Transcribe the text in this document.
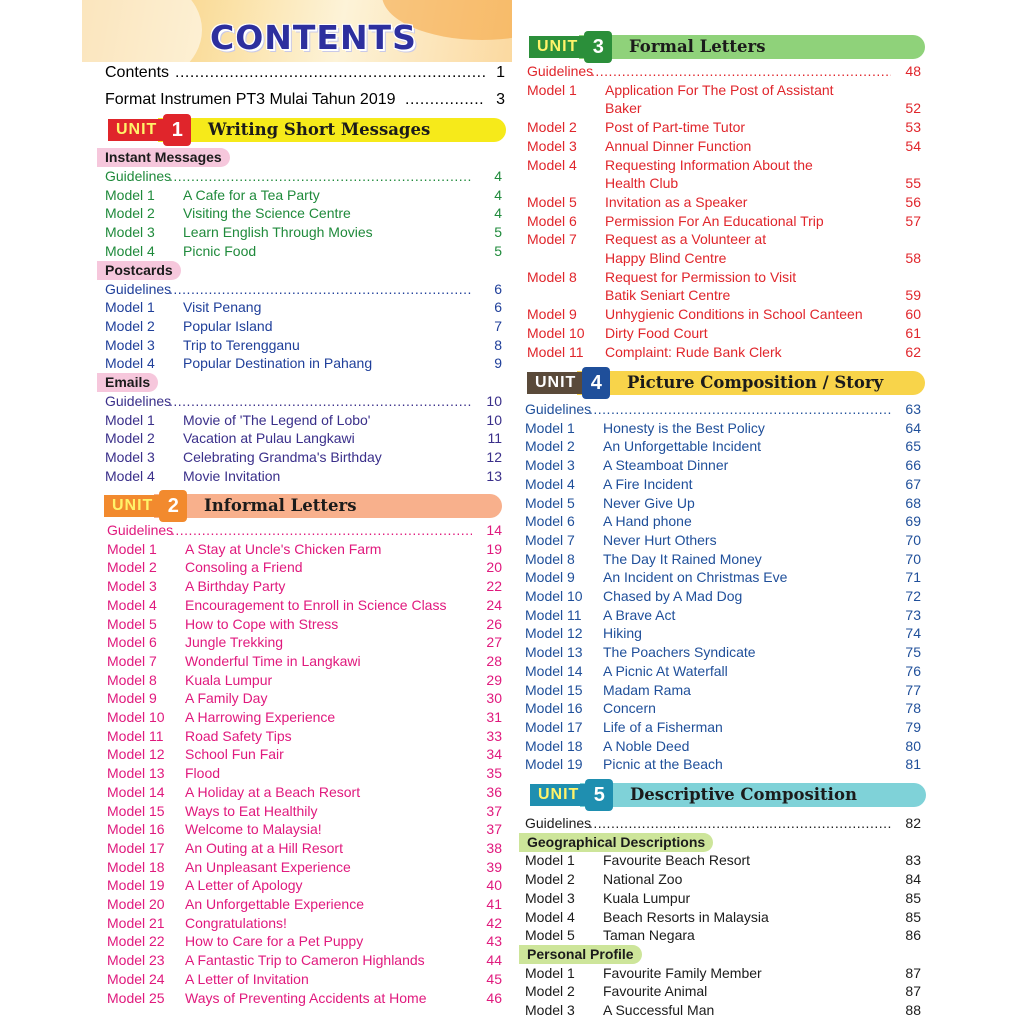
CONTENTS
Contents .....	1
Format Instrumen PT3 Mulai Tahun 2019 .....	3
UNIT 1	Writing Short Messages
Instant Messages
Guidelines .....	4
Model 1 A Cafe for a Tea Party	4
Model 2 Visiting the Science Centre	4
Model 3 Learn English Through Movies	5
Model 4 Picnic Food	5
Postcards
Guidelines .....	6
Model 1 Visit Penang	6
Model 2 Popular Island	7
Model 3 Trip to Terengganu	8
Model 4 Popular Destination in Pahang	9
Emails
Guidelines .....	10
Model 1 Movie of 'The Legend of Lobo'	10
Model 2 Vacation at Pulau Langkawi	11
Model 3 Celebrating Grandma's Birthday	12
Model 4 Movie Invitation	13
UNIT 2	Informal Letters
Guidelines .....	14
Model 1 A Stay at Uncle's Chicken Farm	19
Model 2 Consoling a Friend	20
Model 3 A Birthday Party	22
Model 4 Encouragement to Enroll in Science Class	24
Model 5 How to Cope with Stress	26
Model 6 Jungle Trekking	27
Model 7 Wonderful Time in Langkawi	28
Model 8 Kuala Lumpur	29
Model 9 A Family Day	30
Model 10 A Harrowing Experience	31
Model 11 Road Safety Tips	33
Model 12 School Fun Fair	34
Model 13 Flood	35
Model 14 A Holiday at a Beach Resort	36
Model 15 Ways to Eat Healthily	37
Model 16 Welcome to Malaysia!	37
Model 17 An Outing at a Hill Resort	38
Model 18 An Unpleasant Experience	39
Model 19 A Letter of Apology	40
Model 20 An Unforgettable Experience	41
Model 21 Congratulations!	42
Model 22 How to Care for a Pet Puppy	43
Model 23 A Fantastic Trip to Cameron Highlands	44
Model 24 A Letter of Invitation	45
Model 25 Ways of Preventing Accidents at Home	46
UNIT 3	Formal Letters
Guidelines .....	48
Model 1 Application For The Post of Assistant
Baker	52
Model 2 Post of Part-time Tutor	53
Model 3 Annual Dinner Function	54
Model 4 Requesting Information About the
Health Club	55
Model 5 Invitation as a Speaker	56
Model 6 Permission For An Educational Trip	57
Model 7 Request as a Volunteer at
Happy Blind Centre	58
Model 8 Request for Permission to Visit
Batik Seniart Centre	59
Model 9 Unhygienic Conditions in School Canteen	60
Model 10 Dirty Food Court	61
Model 11 Complaint: Rude Bank Clerk	62
UNIT 4	Picture Composition / Story
Guidelines .....	63
Model 1 Honesty is the Best Policy	64
Model 2 An Unforgettable Incident	65
Model 3 A Steamboat Dinner	66
Model 4 A Fire Incident	67
Model 5 Never Give Up	68
Model 6 A Hand phone	69
Model 7 Never Hurt Others	70
Model 8 The Day It Rained Money	70
Model 9 An Incident on Christmas Eve	71
Model 10 Chased by A Mad Dog	72
Model 11 A Brave Act	73
Model 12 Hiking	74
Model 13 The Poachers Syndicate	75
Model 14 A Picnic At Waterfall	76
Model 15 Madam Rama	77
Model 16 Concern	78
Model 17 Life of a Fisherman	79
Model 18 A Noble Deed	80
Model 19 Picnic at the Beach	81
UNIT 5	Descriptive Composition
Guidelines .....	82
Geographical Descriptions
Model 1 Favourite Beach Resort	83
Model 2 National Zoo	84
Model 3 Kuala Lumpur	85
Model 4 Beach Resorts in Malaysia	85
Model 5 Taman Negara	86
Personal Profile
Model 1 Favourite Family Member	87
Model 2 Favourite Animal	87
Model 3 A Successful Man	88
